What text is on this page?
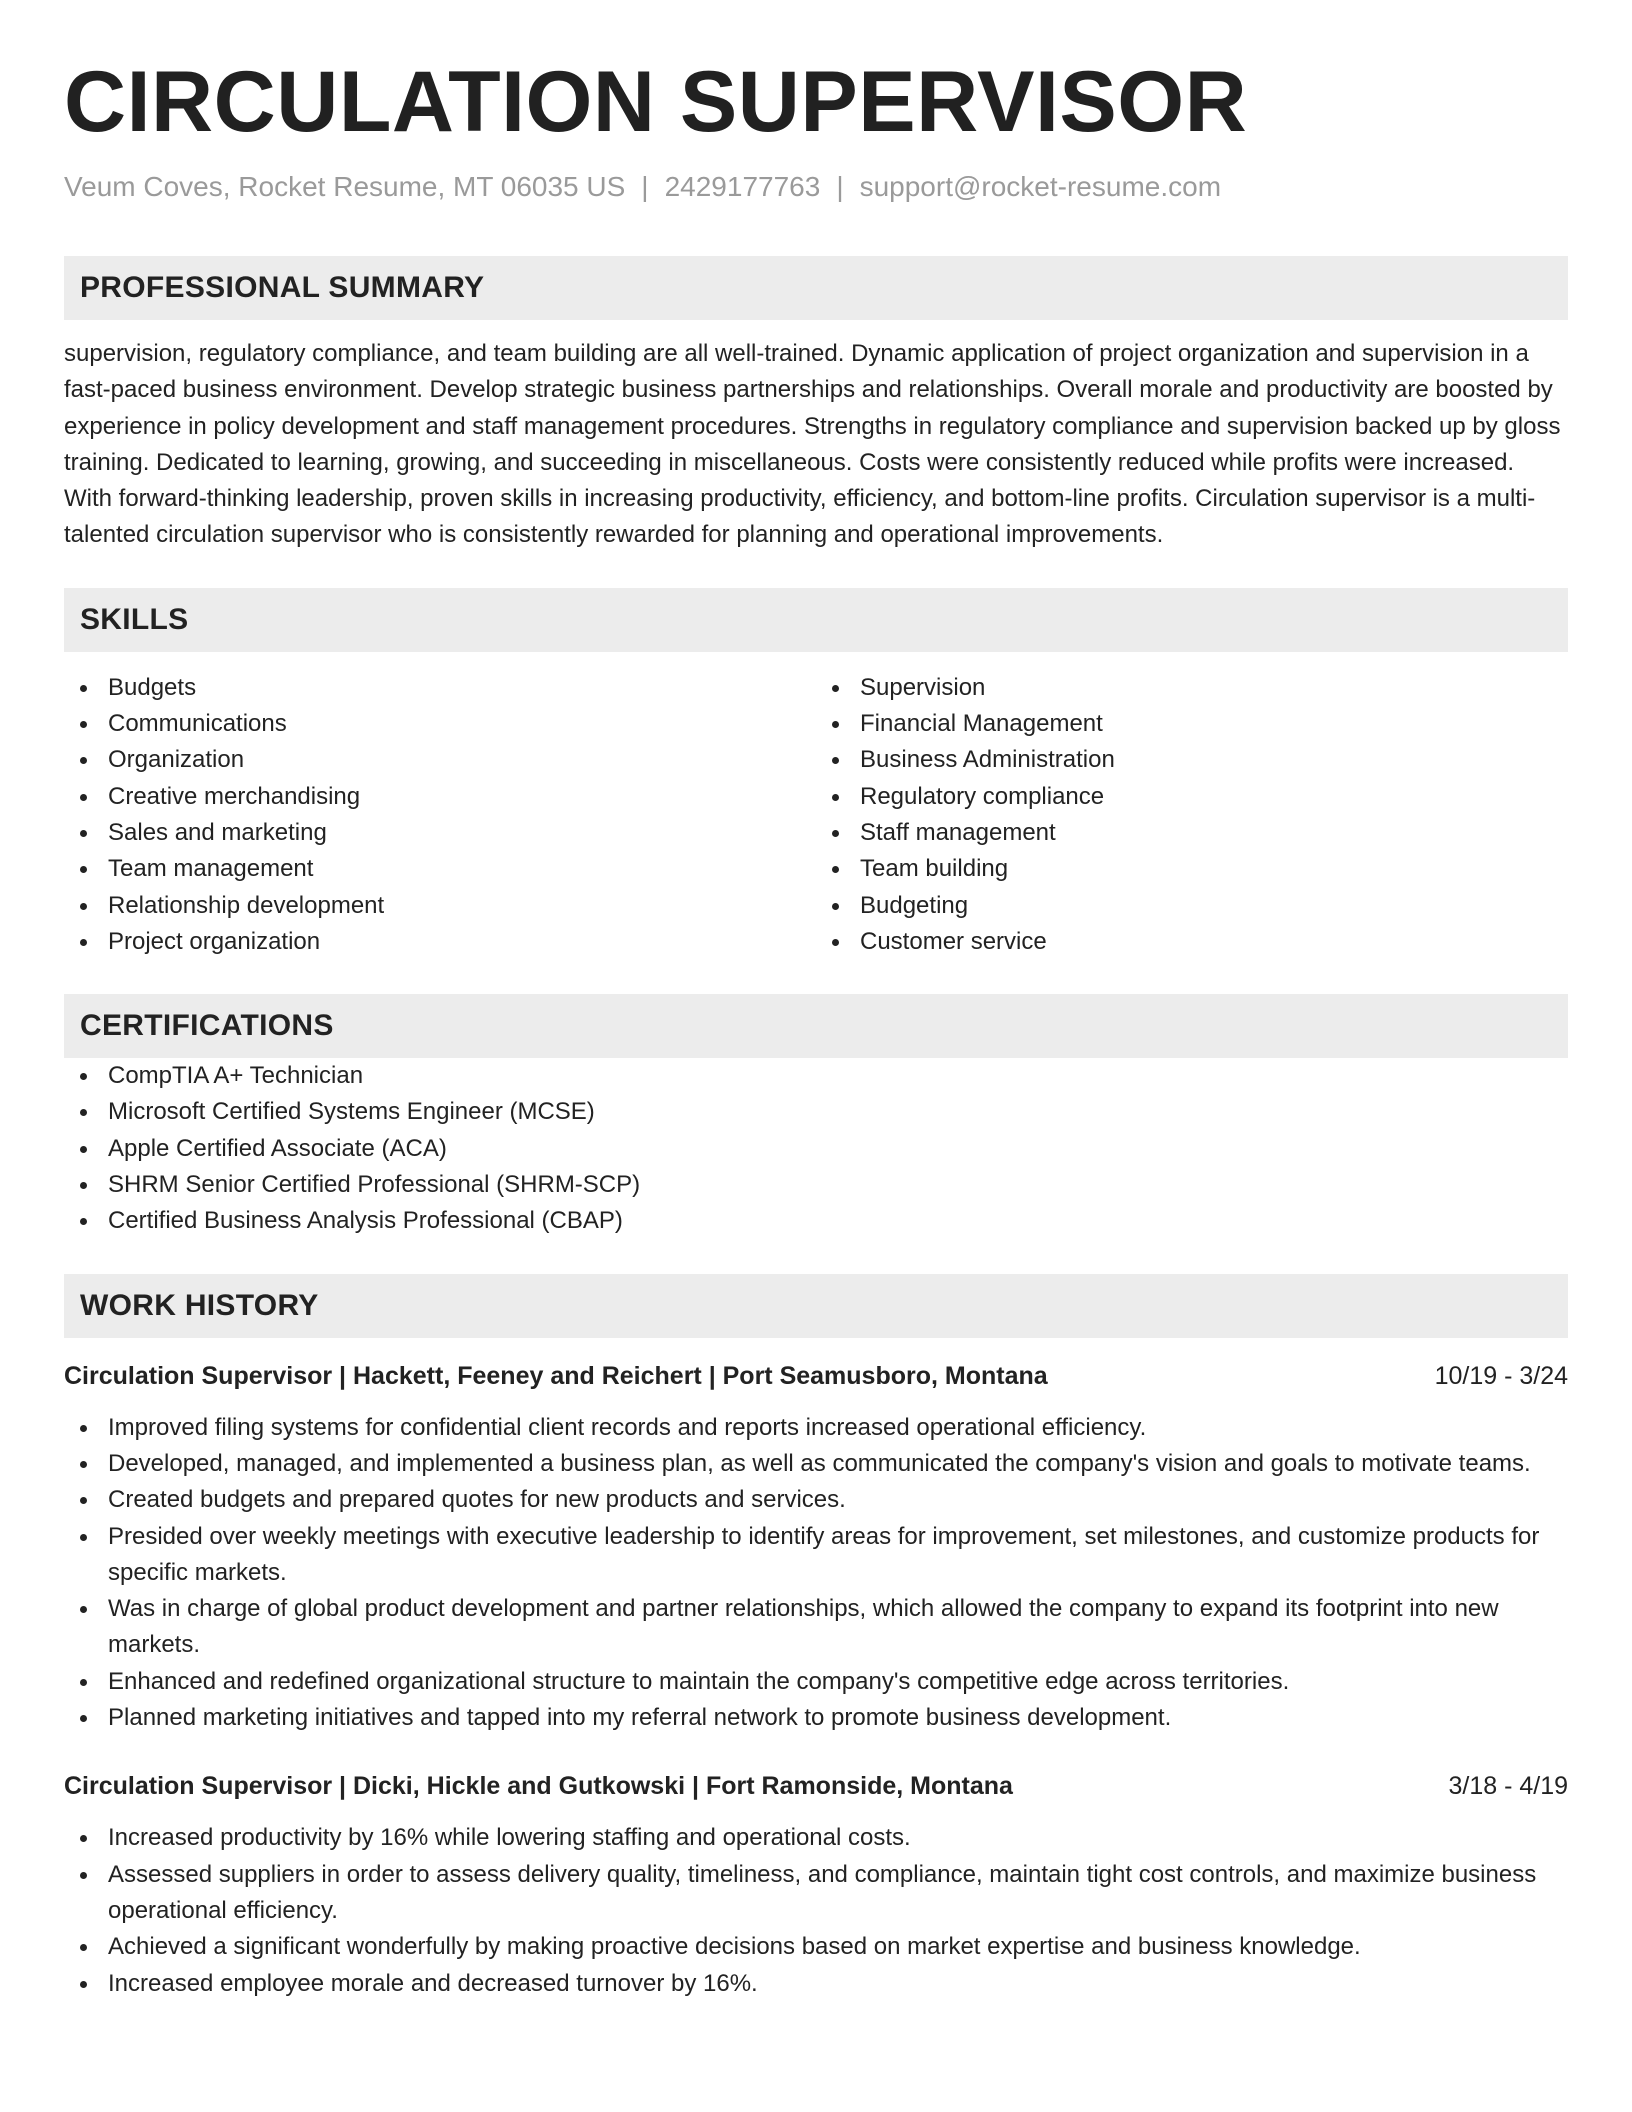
CIRCULATION SUPERVISOR
Veum Coves, Rocket Resume, MT 06035 US | 2429177763 | support@rocket-resume.com
PROFESSIONAL SUMMARY
supervision, regulatory compliance, and team building are all well-trained. Dynamic application of project organization and supervision in a fast-paced business environment. Develop strategic business partnerships and relationships. Overall morale and productivity are boosted by experience in policy development and staff management procedures. Strengths in regulatory compliance and supervision backed up by gloss training. Dedicated to learning, growing, and succeeding in miscellaneous. Costs were consistently reduced while profits were increased. With forward-thinking leadership, proven skills in increasing productivity, efficiency, and bottom-line profits. Circulation supervisor is a multi-talented circulation supervisor who is consistently rewarded for planning and operational improvements.
SKILLS
Budgets
Communications
Organization
Creative merchandising
Sales and marketing
Team management
Relationship development
Project organization
Supervision
Financial Management
Business Administration
Regulatory compliance
Staff management
Team building
Budgeting
Customer service
CERTIFICATIONS
CompTIA A+ Technician
Microsoft Certified Systems Engineer (MCSE)
Apple Certified Associate (ACA)
SHRM Senior Certified Professional (SHRM-SCP)
Certified Business Analysis Professional (CBAP)
WORK HISTORY
Circulation Supervisor | Hackett, Feeney and Reichert | Port Seamusboro, Montana	10/19 - 3/24
Improved filing systems for confidential client records and reports increased operational efficiency.
Developed, managed, and implemented a business plan, as well as communicated the company's vision and goals to motivate teams.
Created budgets and prepared quotes for new products and services.
Presided over weekly meetings with executive leadership to identify areas for improvement, set milestones, and customize products for specific markets.
Was in charge of global product development and partner relationships, which allowed the company to expand its footprint into new markets.
Enhanced and redefined organizational structure to maintain the company's competitive edge across territories.
Planned marketing initiatives and tapped into my referral network to promote business development.
Circulation Supervisor | Dicki, Hickle and Gutkowski | Fort Ramonside, Montana	3/18 - 4/19
Increased productivity by 16% while lowering staffing and operational costs.
Assessed suppliers in order to assess delivery quality, timeliness, and compliance, maintain tight cost controls, and maximize business operational efficiency.
Achieved a significant wonderfully by making proactive decisions based on market expertise and business knowledge.
Increased employee morale and decreased turnover by 16%.
